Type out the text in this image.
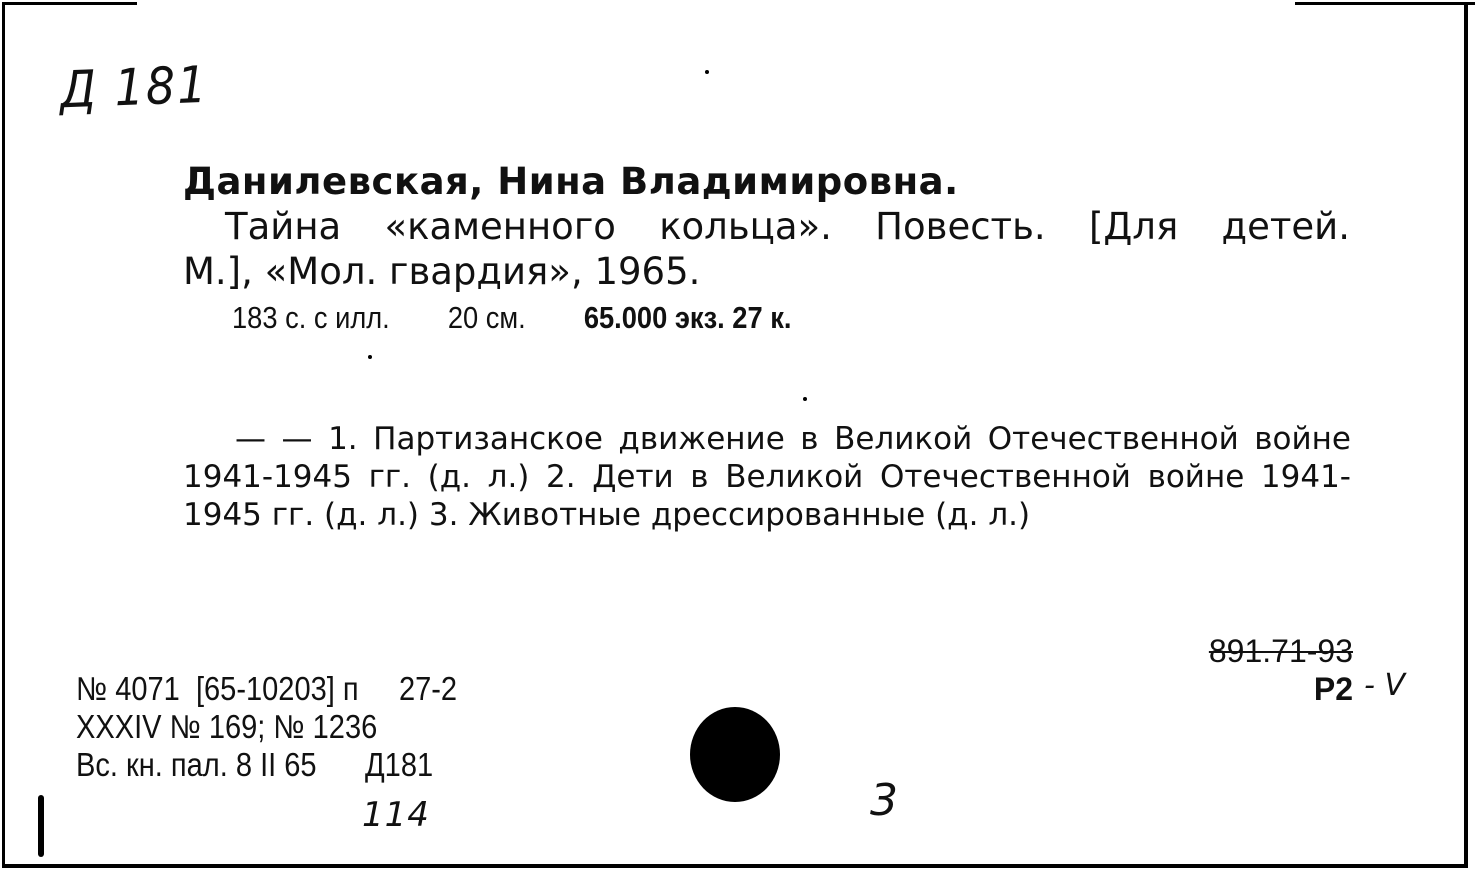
Д 181
Данилевская, Нина Владимировна.
Тайна «каменного кольца». Повесть. [Для детей.
М.], «Мол. гвардия», 1965.
183 с. с илл. 20 см. 65.000 экз. 27 к.
— — 1. Партизанское движение в Великой Отечественной войне 1941-1945 гг. (д. л.) 2. Дети в Великой Отечественной войне 1941-1945 гг. (д. л.) 3. Животные дрессированные (д. л.)
№ 4071  [65-10203] п     27-2
XXXIV № 169; № 1236
Вс. кн. пал. 8 II 65      Д181
891.71-93
Р2 - V
114	3
